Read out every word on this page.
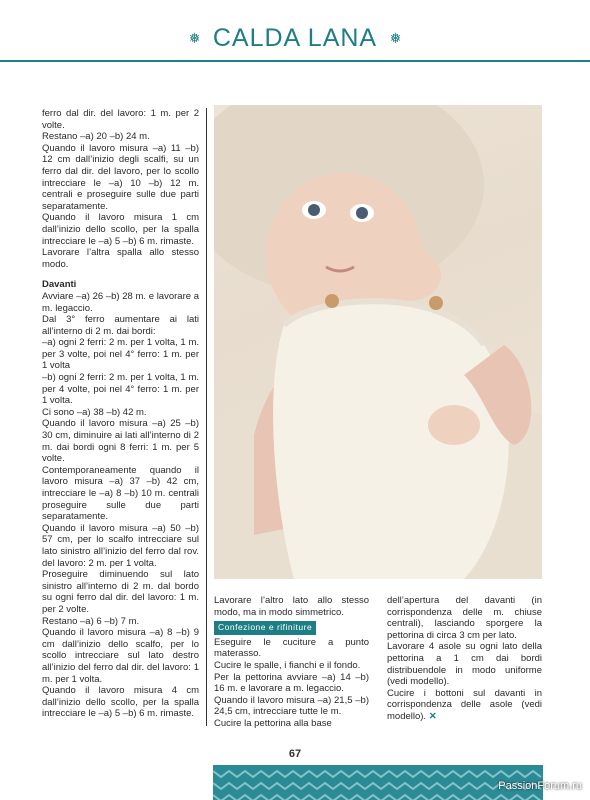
❅ CALDA LANA ❅

ferro dal dir. del lavoro: 1 m. per 2 volte.

Restano –a) 20 –b) 24 m.

Quando il lavoro misura –a) 11 –b) 12 cm dall’inizio degli scalfi, su un ferro dal dir. del lavoro, per lo scollo intrecciare le –a) 10 –b) 12 m. centrali e proseguire sulle due parti separatamente.

Quando il lavoro misura 1 cm dall’inizio dello scollo, per la spalla intrecciare le –a) 5 –b) 6 m. rimaste.

Lavorare l’altra spalla allo stesso modo.

Davanti

Avviare –a) 26 –b) 28 m. e lavorare a m. legaccio.

Dal 3° ferro aumentare ai lati all’interno di 2 m. dai bordi:

–a) ogni 2 ferri: 2 m. per 1 volta, 1 m. per 3 volte, poi nel 4° ferro: 1 m. per 1 volta

–b) ogni 2 ferri: 2 m. per 1 volta, 1 m. per 4 volte, poi nel 4° ferro: 1 m. per 1 volta.

Ci sono –a) 38 –b) 42 m.

Quando il lavoro misura –a) 25 –b) 30 cm, diminuire ai lati all’interno di 2 m. dai bordi ogni 8 ferri: 1 m. per 5 volte.

Contemporaneamente quando il lavoro misura –a) 37 –b) 42 cm, intrecciare le –a) 8 –b) 10 m. centrali proseguire sulle due parti separatamente.

Quando il lavoro misura –a) 50 –b) 57 cm, per lo scalfo intrecciare sul lato sinistro all’inizio del ferro dal rov. del lavoro: 2 m. per 1 volta.

Proseguire diminuendo sul lato sinistro all’interno di 2 m. dal bordo su ogni ferro dal dir. del lavoro: 1 m. per 2 volte.

Restano –a) 6 –b) 7 m.

Quando il lavoro misura –a) 8 –b) 9 cm dall’inizio dello scalfo, per lo scollo intrecciare sul lato destro all’inizio del ferro dal dir. del lavoro: 1 m. per 1 volta.

Quando il lavoro misura 4 cm dall’inizio dello scollo, per la spalla intrecciare le –a) 5 –b) 6 m. rimaste.

Lavorare l’altro lato allo stesso modo, ma in modo simmetrico.

Confezione e rifiniture

Eseguire le cuciture a punto materasso.

Cucire le spalle, i fianchi e il fondo.

Per la pettorina avviare –a) 14 –b) 16 m. e lavorare a m. legaccio.

Quando il lavoro misura –a) 21,5 –b) 24,5 cm, intrecciare tutte le m.

Cucire la pettorina alla base

dell’apertura del davanti (in corrispondenza delle m. chiuse centrali), lasciando sporgere la pettorina di circa 3 cm per lato.

Lavorare 4 asole su ogni lato della pettorina a 1 cm dai bordi distribuendole in modo uniforme (vedi modello).

Cucire i bottoni sul davanti in corrispondenza delle asole (vedi modello). ✕

67
PassionForum.ru
